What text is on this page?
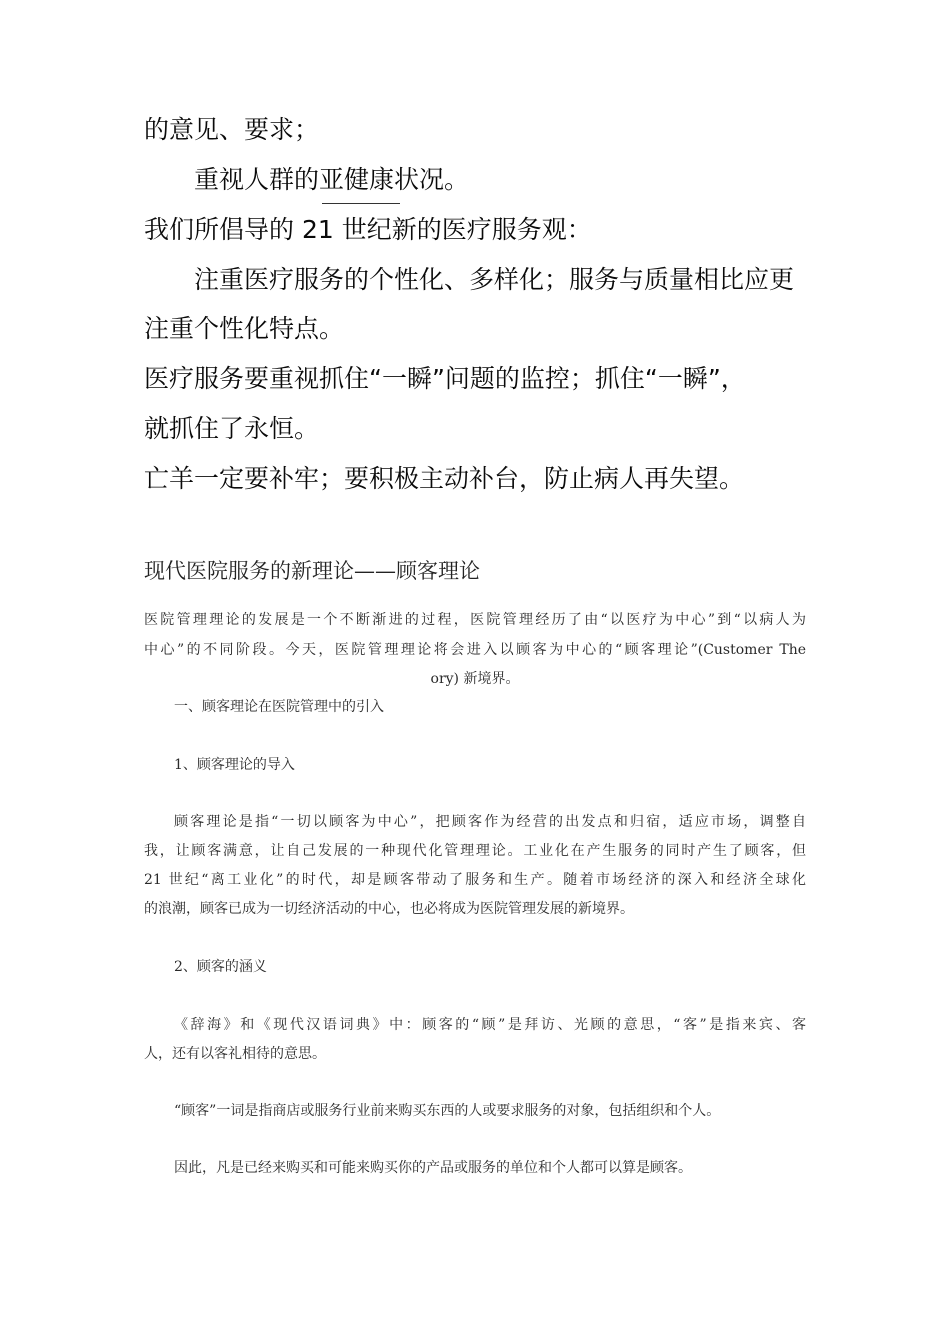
的意见、要求；
重视人群的亚健康状况。
我们所倡导的 21 世纪新的医疗服务观：
注重医疗服务的个性化、多样化；服务与质量相比应更
注重个性化特点。
医疗服务要重视抓住“一瞬”问题的监控；抓住“一瞬”，
就抓住了永恒。
亡羊一定要补牢；要积极主动补台，防止病人再失望。
现代医院服务的新理论——顾客理论
医院管理理论的发展是一个不断渐进的过程，医院管理经历了由“以医疗为中心”到“以病人为
中心”的不同阶段。今天，医院管理理论将会进入以顾客为中心的“顾客理论”(Customer The
ory) 新境界。
一、顾客理论在医院管理中的引入
1、顾客理论的导入
顾客理论是指“一切以顾客为中心”，把顾客作为经营的出发点和归宿，适应市场，调整自
我，让顾客满意，让自己发展的一种现代化管理理论。工业化在产生服务的同时产生了顾客，但
21 世纪“离工业化”的时代，却是顾客带动了服务和生产。随着市场经济的深入和经济全球化
的浪潮，顾客已成为一切经济活动的中心，也必将成为医院管理发展的新境界。
2、顾客的涵义
《辞海》和《现代汉语词典》中：顾客的“顾”是拜访、光顾的意思，“客”是指来宾、客
人，还有以客礼相待的意思。
“顾客”一词是指商店或服务行业前来购买东西的人或要求服务的对象，包括组织和个人。
因此，凡是已经来购买和可能来购买你的产品或服务的单位和个人都可以算是顾客。
